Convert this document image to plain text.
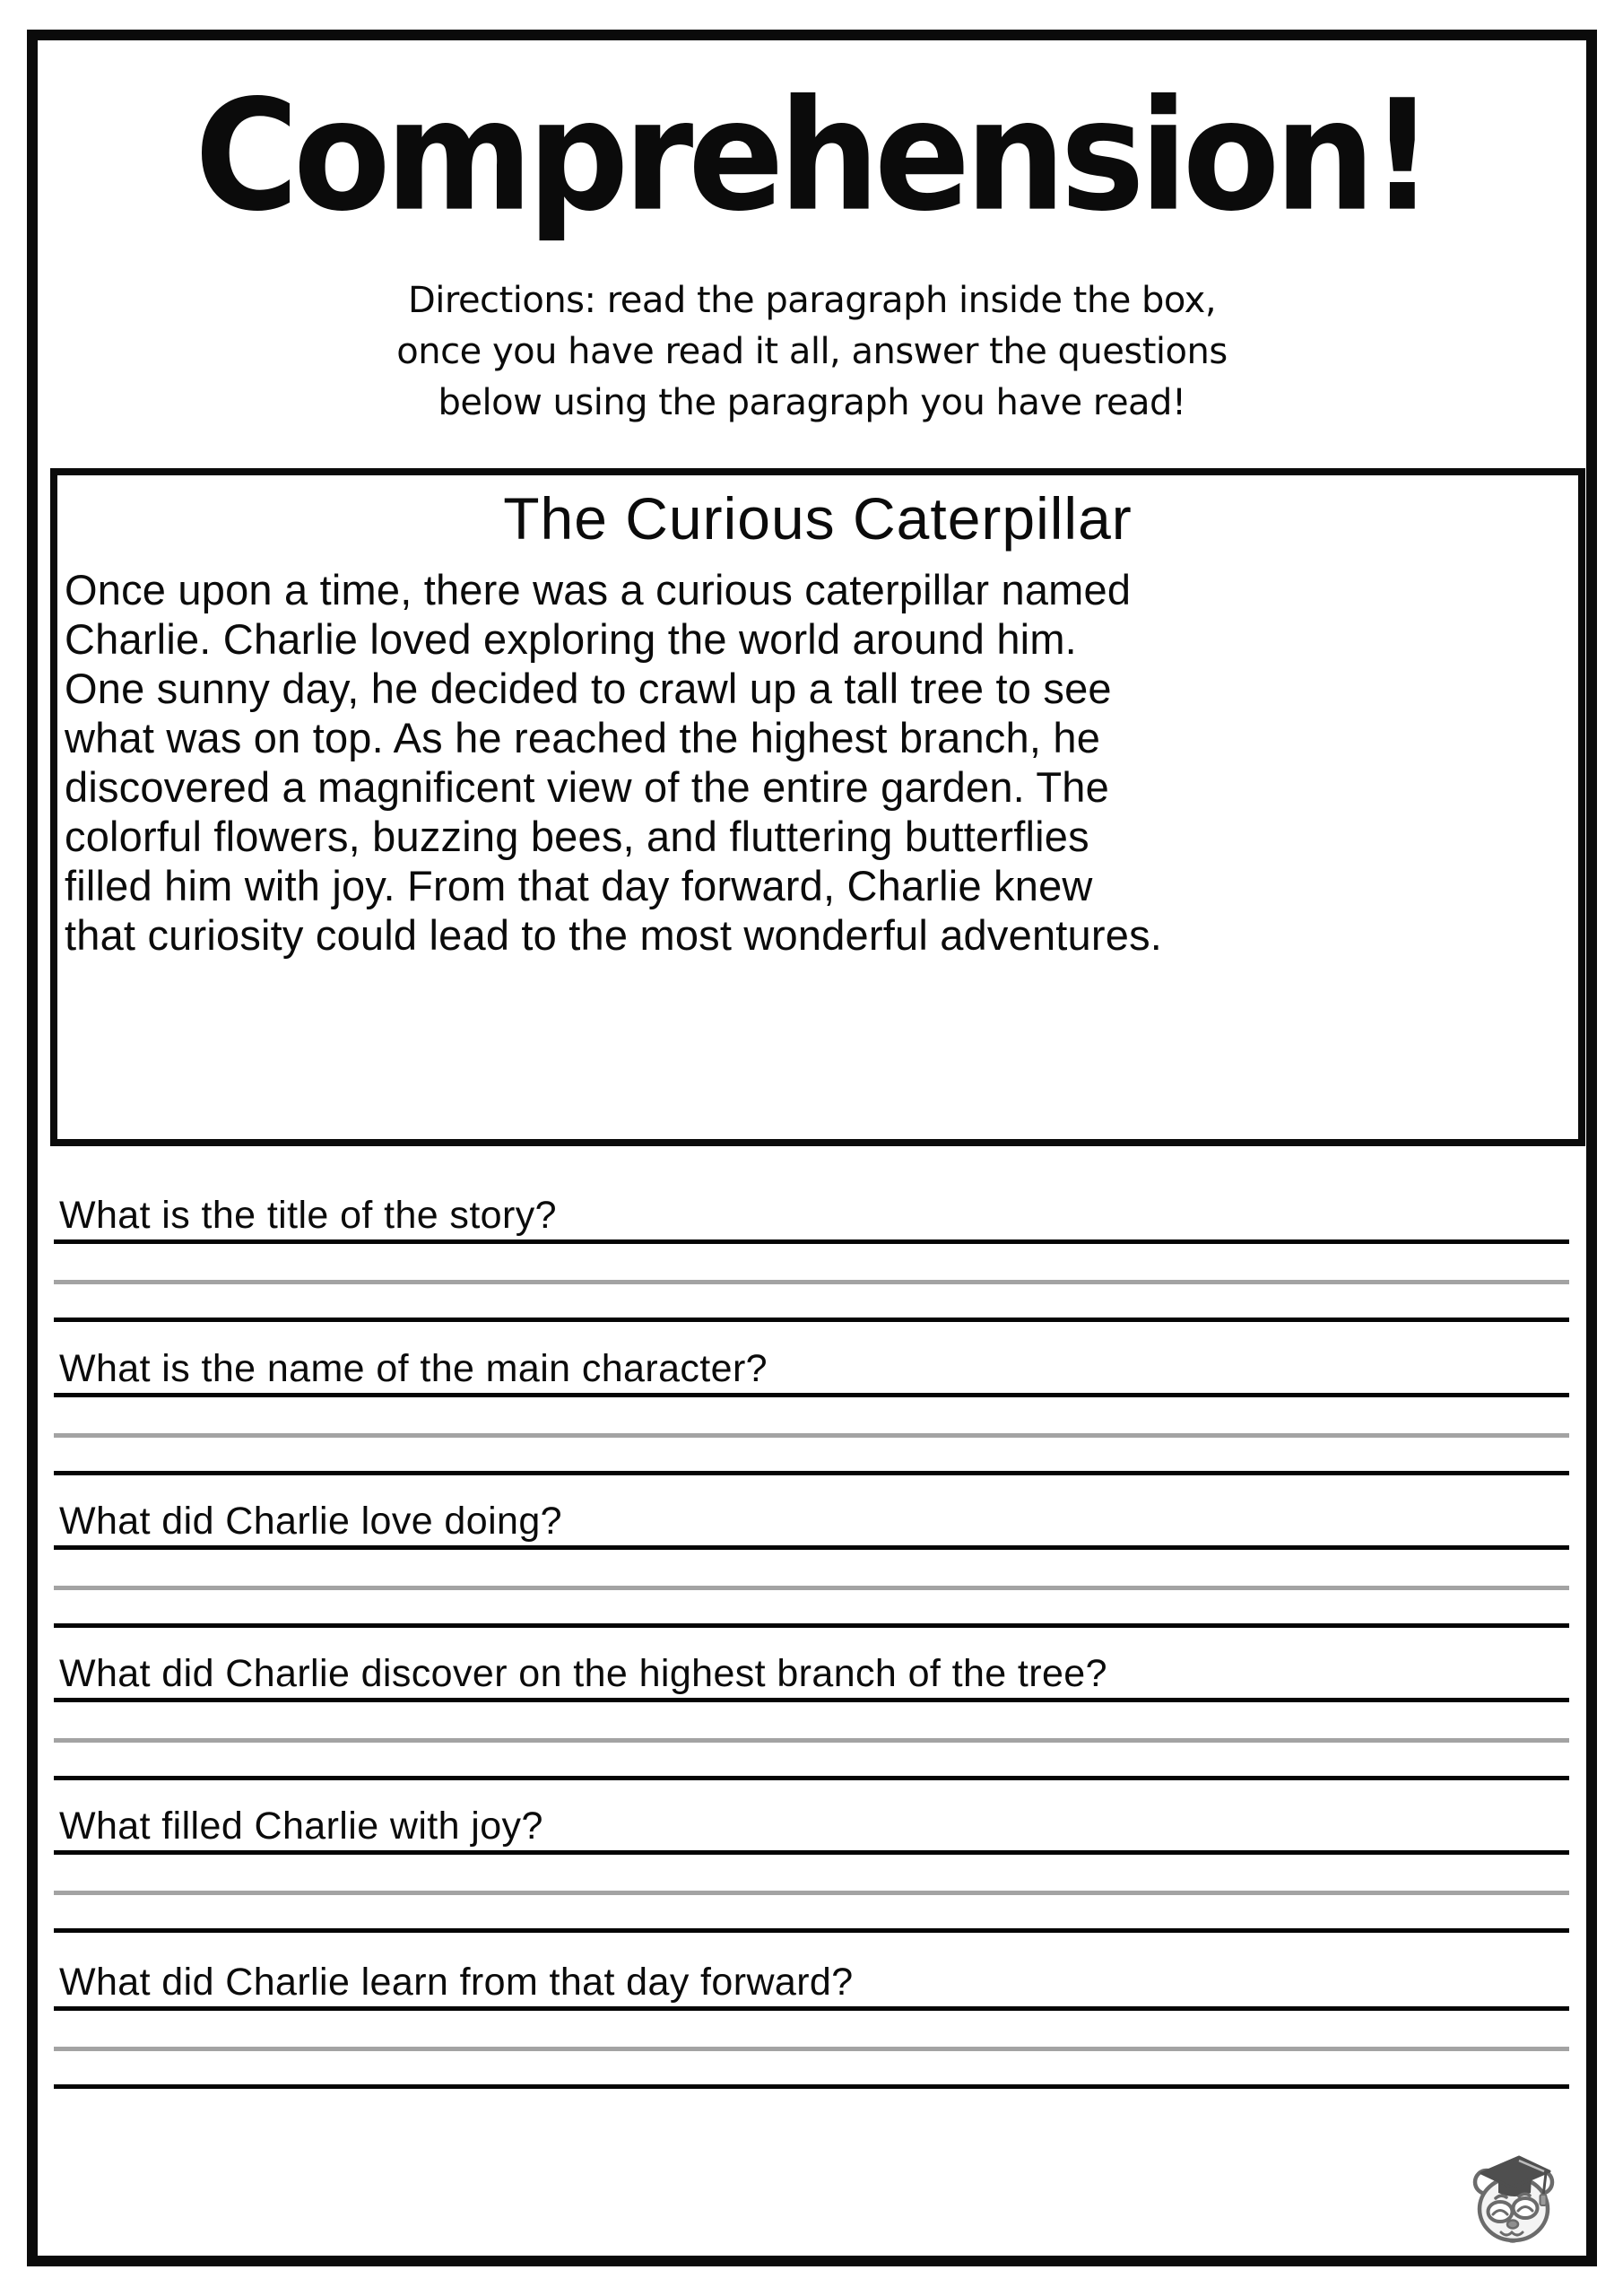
Comprehension!
Directions: read the paragraph inside the box,
once you have read it all, answer the questions
below using the paragraph you have read!
The Curious Caterpillar
Once upon a time, there was a curious caterpillar named
Charlie. Charlie loved exploring the world around him.
One sunny day, he decided to crawl up a tall tree to see
what was on top. As he reached the highest branch, he
discovered a magnificent view of the entire garden. The
colorful flowers, buzzing bees, and fluttering butterflies
filled him with joy. From that day forward, Charlie knew
that curiosity could lead to the most wonderful adventures.
What is the title of the story?
What is the name of the main character?
What did Charlie love doing?
What did Charlie discover on the highest branch of the tree?
What filled Charlie with joy?
What did Charlie learn from that day forward?
